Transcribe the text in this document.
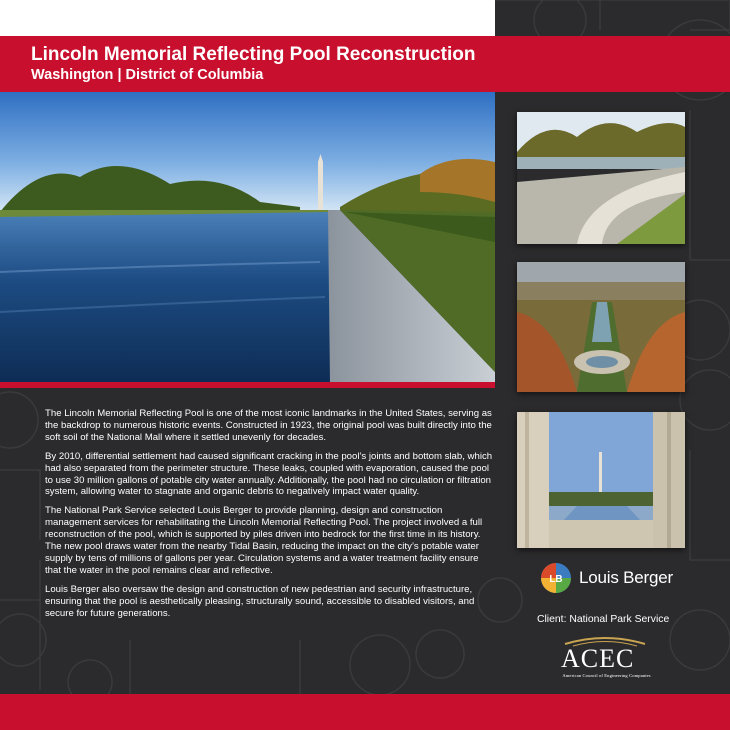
Lincoln Memorial Reflecting Pool Reconstruction
Washington | District of Columbia

The Lincoln Memorial Reflecting Pool is one of the most iconic landmarks in the United States, serving as the backdrop to numerous historic events. Constructed in 1923, the original pool was built directly into the soft soil of the National Mall where it settled unevenly for decades.

By 2010, differential settlement had caused significant cracking in the pool’s joints and bottom slab, which had also separated from the perimeter structure. These leaks, coupled with evaporation, caused the pool to use 30 million gallons of potable city water annually. Additionally, the pool had no circulation or filtration system, allowing water to stagnate and organic debris to negatively impact water quality.

The National Park Service selected Louis Berger to provide planning, design and construction management services for rehabilitating the Lincoln Memorial Reflecting Pool. The project involved a full reconstruction of the pool, which is supported by piles driven into bedrock for the first time in its history. The new pool draws water from the nearby Tidal Basin, reducing the impact on the city’s potable water supply by tens of millions of gallons per year. Circulation systems and a water treatment facility ensure that the water in the pool remains clear and reflective.

Louis Berger also oversaw the design and construction of new pedestrian and security infrastructure, ensuring that the pool is aesthetically pleasing, structurally sound, accessible to disabled visitors, and secure for future generations.

LB Louis Berger
Client: National Park Service
ACEC
American Council of Engineering Companies
